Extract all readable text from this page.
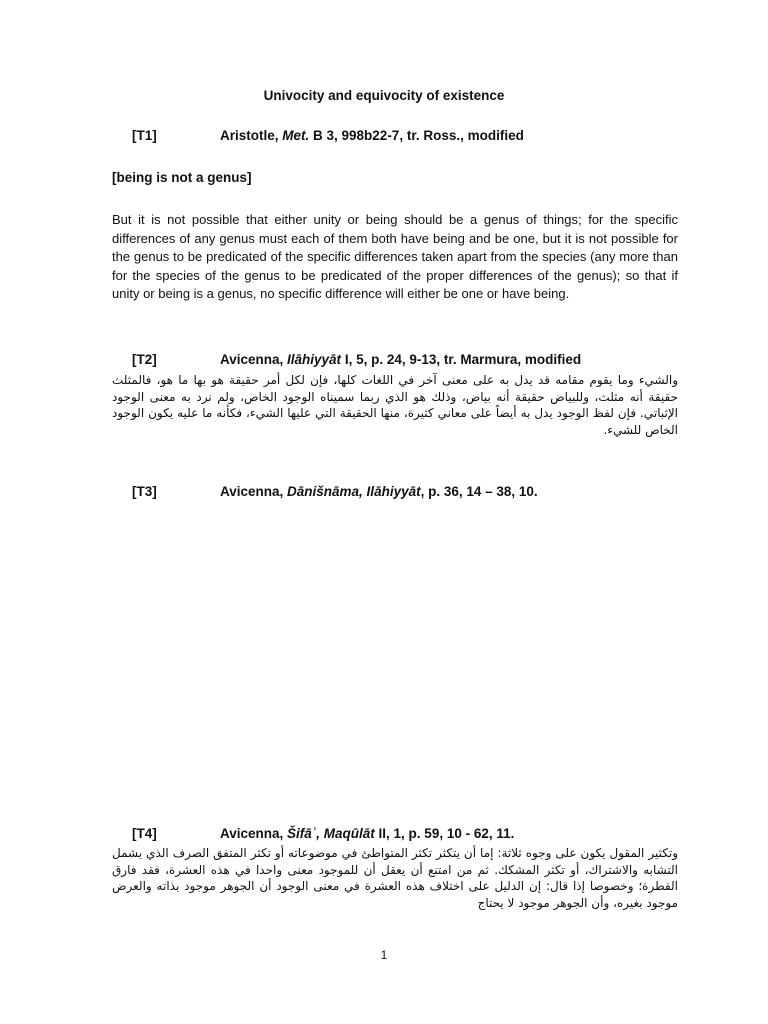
Univocity and equivocity of existence
[T1]	Aristotle, Met. B 3, 998b22-7, tr. Ross., modified
[being is not a genus]
But it is not possible that either unity or being should be a genus of things; for the specific differences of any genus must each of them both have being and be one, but it is not possible for the genus to be predicated of the specific differences taken apart from the species (any more than for the species of the genus to be predicated of the proper differences of the genus); so that if unity or being is a genus, no specific difference will either be one or have being.
[T2]	Avicenna, Ilāhiyyāt I, 5, p. 24, 9-13, tr. Marmura, modified
والشيء وما يقوم مقامه قد يدل به على معنى آخر في اللغات كلها، فإن لكل أمر حقيقة هو بها ما هو، فالمثلث حقيقة أنه مثلث، وللبياض حقيقة أنه بياض، وذلك هو الذي ربما سميناه الوجود الخاص، ولم نرد به معنى الوجود الإثباتي. فإن لفظ الوجود يدل به أيضاً على معاني كثيرة، منها الحقيقة التي عليها الشيء، فكأنه ما عليه يكون الوجود الخاص للشيء.
[T3]	Avicenna, Dānišnāma, Ilāhiyyāt, p. 36, 14 – 38, 10.
[T4]	Avicenna, Šifāʾ, Maqūlāt II, 1, p. 59, 10 - 62, 11.
وتكثير المقول يكون على وجوه ثلاثة: إما أن يتكثر تكثر المتواطئ في موضوعاته أو تكثر المتفق الصرف الذي يشمل التشابه والاشتراك، أو تكثر المشكك. ثم من امتنع أن يعقل أن للموجود معنى واحدا في هذه العشرة، فقد فارق الفطرة؛ وخصوصا إذا قال: إن الدليل على اختلاف هذه العشرة في معنى الوجود أن الجوهر موجود بذاته والعرض موجود بغيره، وأن الجوهر موجود لا يحتاج
1
